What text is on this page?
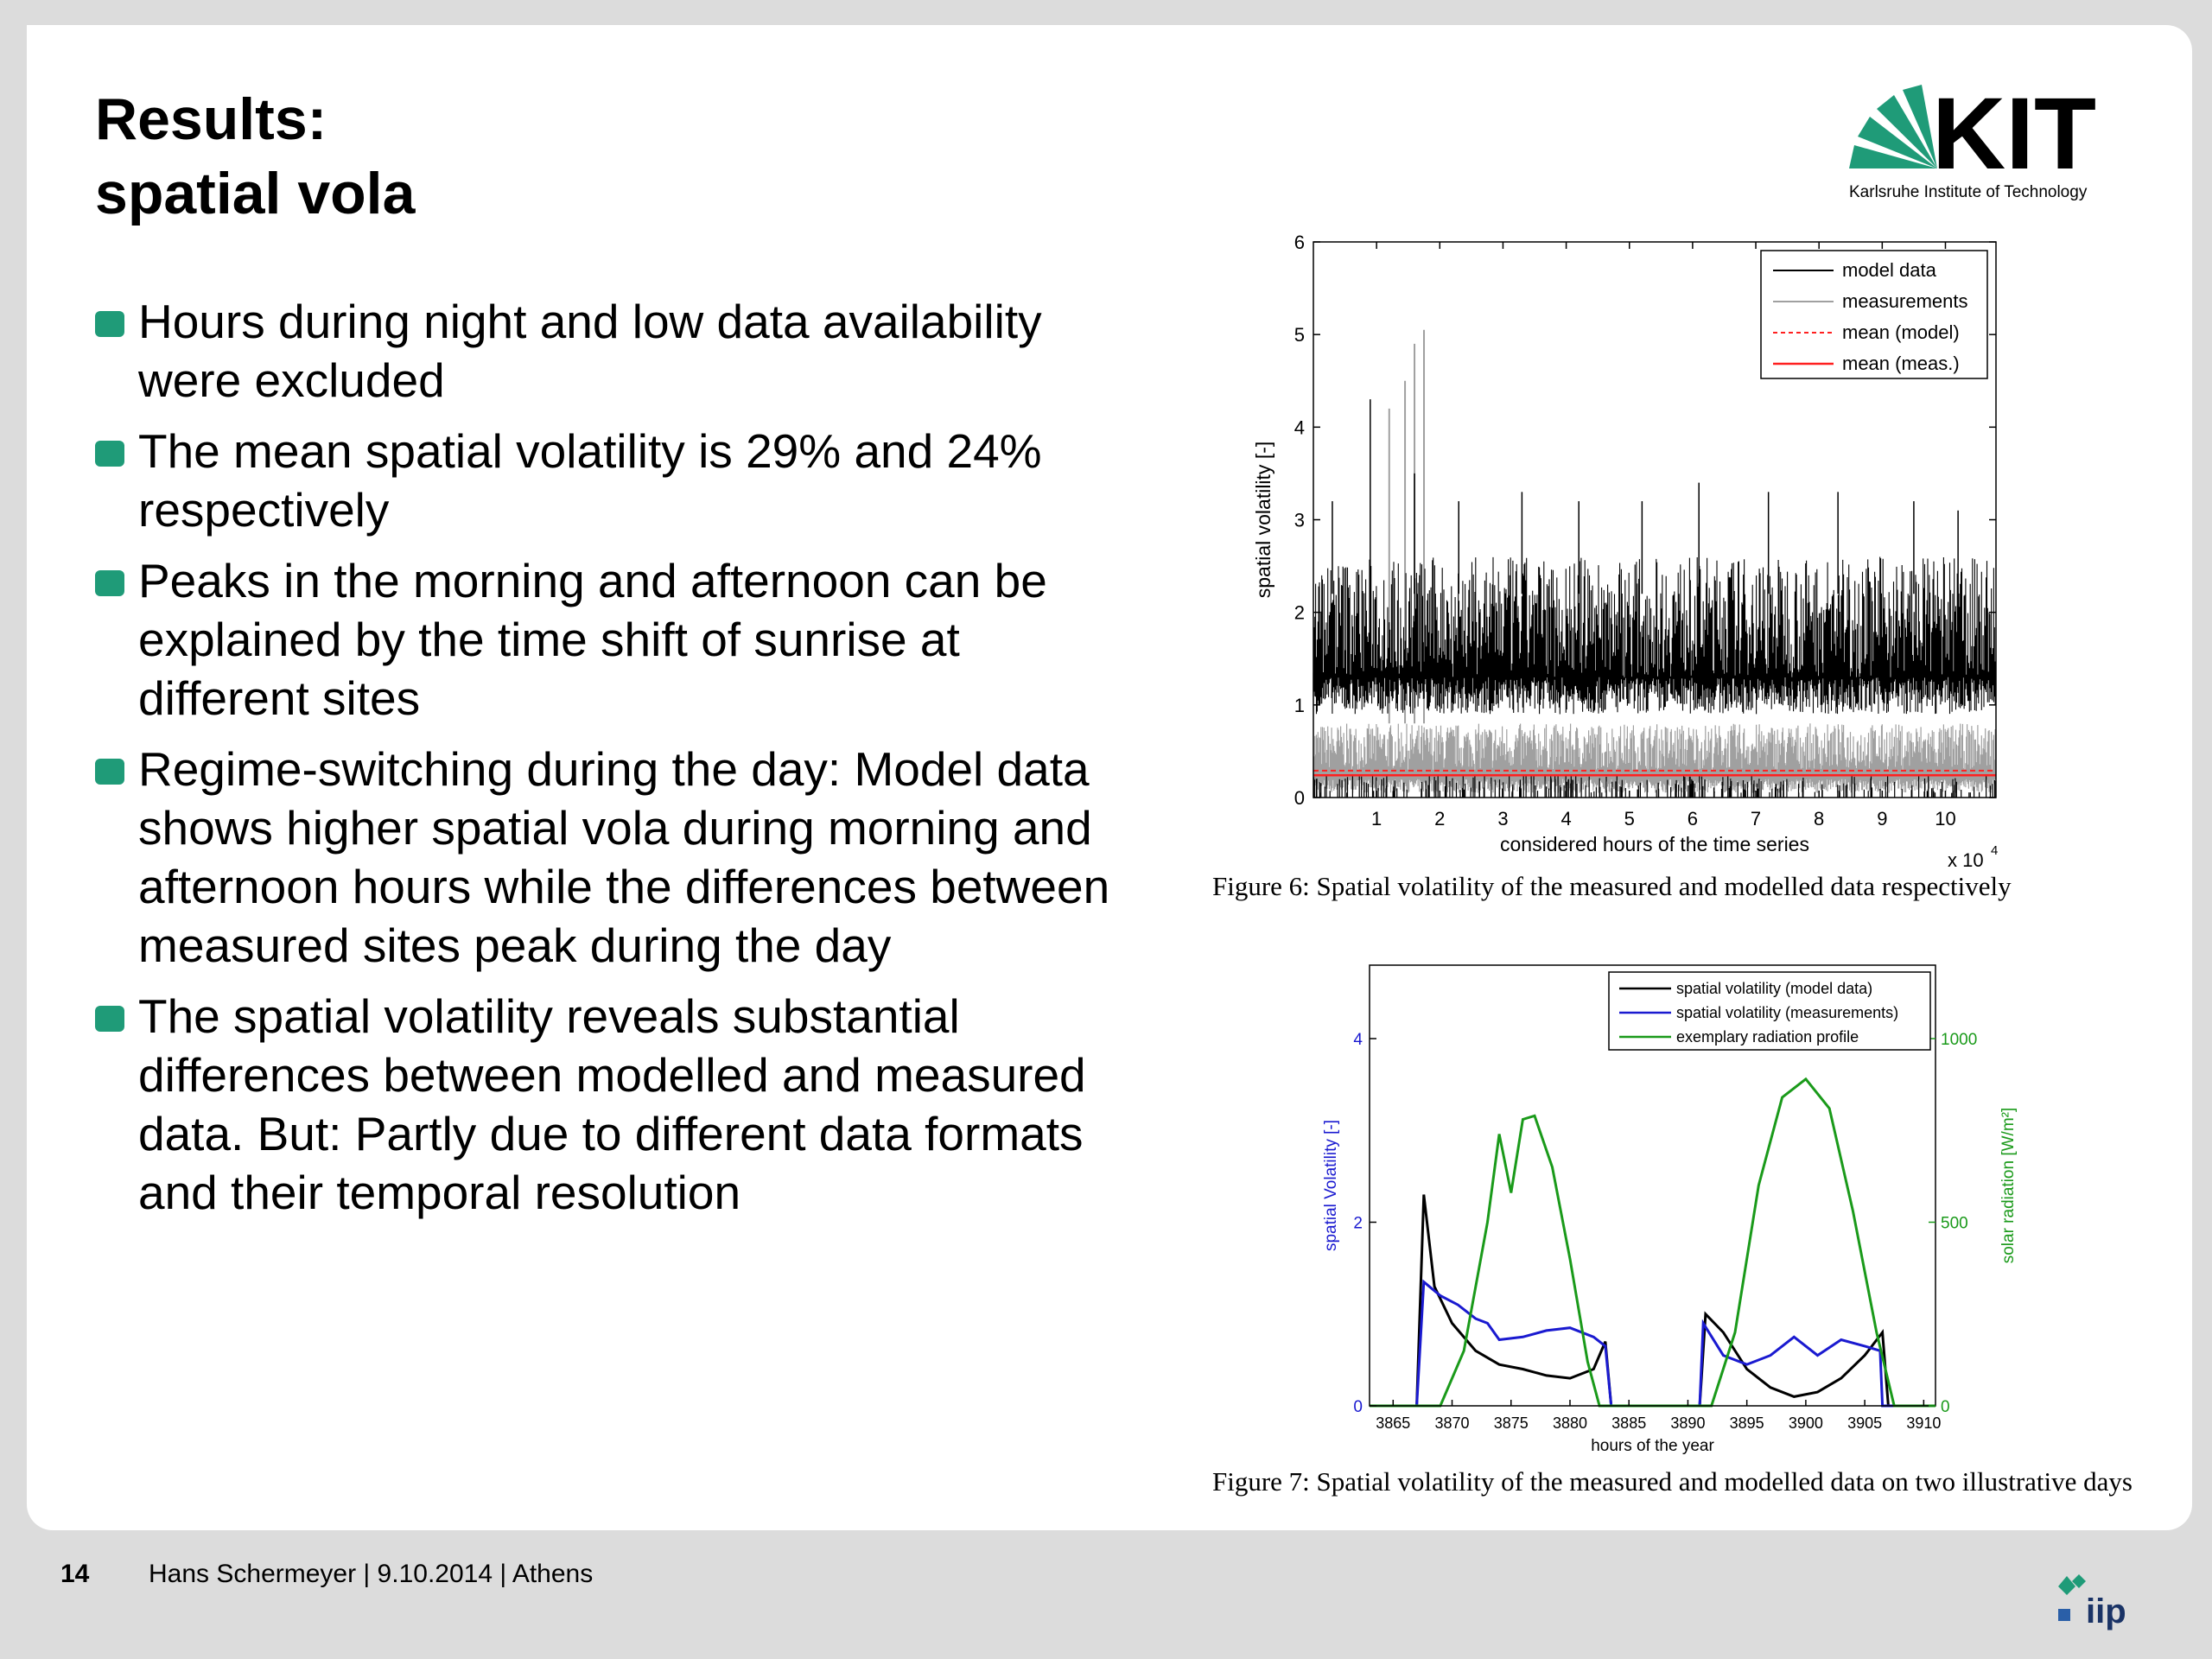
Results:
spatial vola
Hours during night and low data availability were excluded
The mean spatial volatility is 29% and 24% respectively
Peaks in the morning and afternoon can be explained by the time shift of sunrise at different sites
Regime-switching during the day: Model data shows higher spatial vola during morning and afternoon hours while the differences between measured sites peak during the day
The spatial volatility reveals substantial differences between modelled and measured data. But: Partly due to different data formats and their temporal resolution
KIT
Karlsruhe Institute of Technology
0
1
2
3
4
5
6
1	2	3	4	5	6	7	8	9 10
considered hours of the time series
spatial volatility [-]
x 10 4
model data
measurements
mean (model)
mean (meas.)

Figure 6: Spatial volatility of the measured and modelled data respectively

0
2
4
0
500
1000
3865 3870 3875 3880 3885 3890 3895 3900 3905 3910
hours of the year
spatial Volatility [-]	solar radiation [W/m²]
spatial volatility (model data)
spatial volatility (measurements)
exemplary radiation profile

Figure 7: Spatial volatility of the measured and modelled data on two illustrative days

14 Hans Schermeyer | 9.10.2014 | Athens
iip
